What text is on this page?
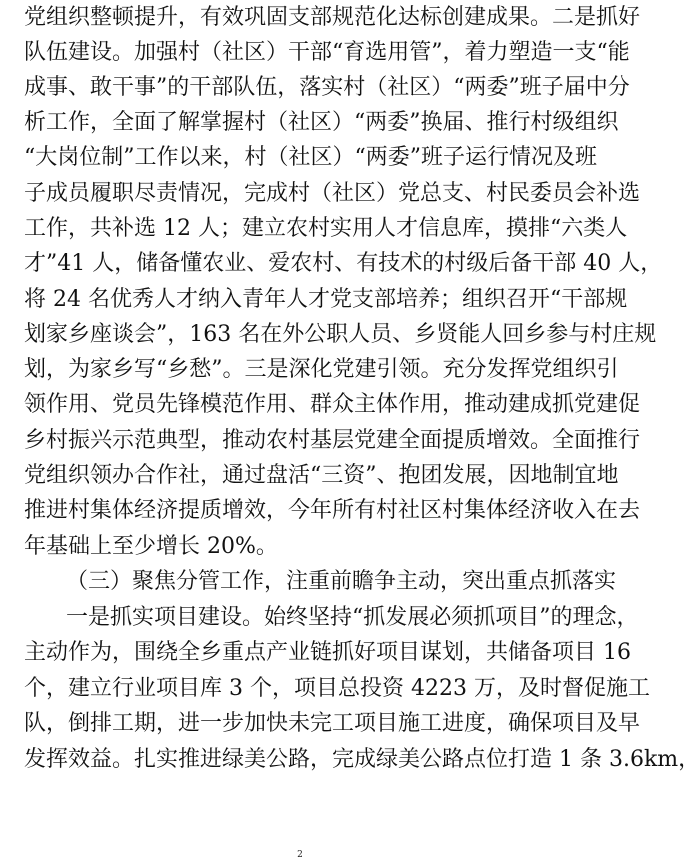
党组织整顿提升，有效巩固支部规范化达标创建成果。二是抓好
队伍建设。加强村（社区）干部“育选用管”，着力塑造一支“能
成事、敢干事”的干部队伍，落实村（社区）“两委”班子届中分
析工作，全面了解掌握村（社区）“两委”换届、推行村级组织
“大岗位制”工作以来，村（社区）“两委”班子运行情况及班
子成员履职尽责情况，完成村（社区）党总支、村民委员会补选
工作，共补选 12 人；建立农村实用人才信息库，摸排“六类人
才”41 人，储备懂农业、爱农村、有技术的村级后备干部 40 人，
将 24 名优秀人才纳入青年人才党支部培养；组织召开“干部规
划家乡座谈会”，163 名在外公职人员、乡贤能人回乡参与村庄规
划，为家乡写“乡愁”。三是深化党建引领。充分发挥党组织引
领作用、党员先锋模范作用、群众主体作用，推动建成抓党建促
乡村振兴示范典型，推动农村基层党建全面提质增效。全面推行
党组织领办合作社，通过盘活“三资”、抱团发展，因地制宜地
推进村集体经济提质增效，今年所有村社区村集体经济收入在去
年基础上至少增长 20%。
（三）聚焦分管工作，注重前瞻争主动，突出重点抓落实
一是抓实项目建设。始终坚持“抓发展必须抓项目”的理念，
主动作为，围绕全乡重点产业链抓好项目谋划，共储备项目 16
个，建立行业项目库 3 个，项目总投资 4223 万，及时督促施工
队，倒排工期，进一步加快未完工项目施工进度，确保项目及早
发挥效益。扎实推进绿美公路，完成绿美公路点位打造 1 条 3.6km，
2
